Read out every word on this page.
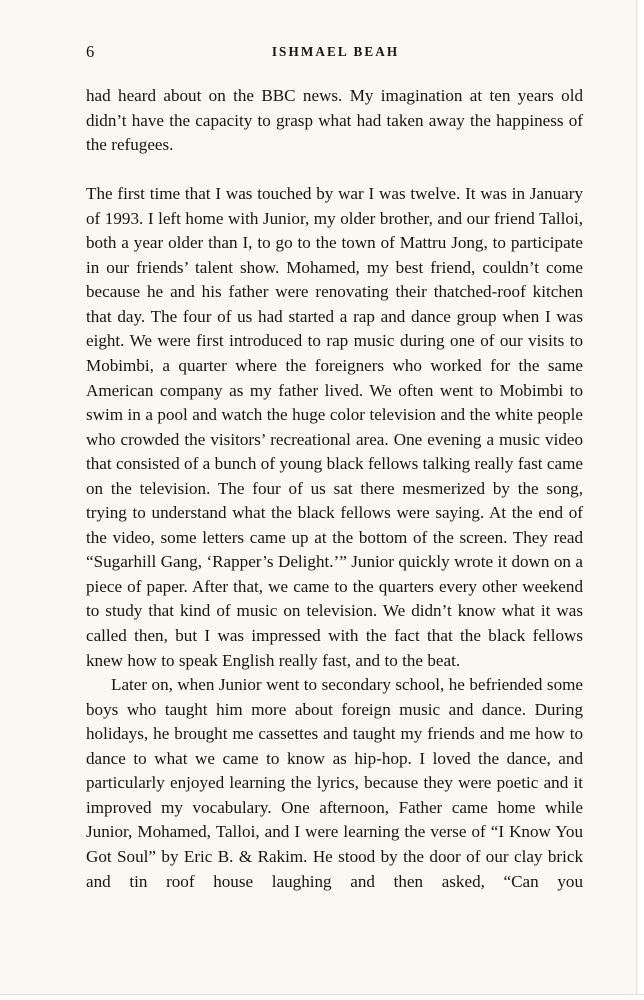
6	ISHMAEL BEAH

had heard about on the BBC news. My imagination at ten years old didn’t have the capacity to grasp what had taken away the happiness of the refugees.

The first time that I was touched by war I was twelve. It was in January of 1993. I left home with Junior, my older brother, and our friend Talloi, both a year older than I, to go to the town of Mattru Jong, to participate in our friends’ talent show. Mohamed, my best friend, couldn’t come because he and his father were renovating their thatched-roof kitchen that day. The four of us had started a rap and dance group when I was eight. We were first introduced to rap music during one of our visits to Mobimbi, a quarter where the foreigners who worked for the same American company as my father lived. We often went to Mobimbi to swim in a pool and watch the huge color television and the white people who crowded the visitors’ recreational area. One evening a music video that consisted of a bunch of young black fellows talking really fast came on the television. The four of us sat there mesmerized by the song, trying to understand what the black fellows were saying. At the end of the video, some letters came up at the bottom of the screen. They read “Sugarhill Gang, ‘Rapper’s Delight.’” Junior quickly wrote it down on a piece of paper. After that, we came to the quarters every other weekend to study that kind of music on television. We didn’t know what it was called then, but I was impressed with the fact that the black fellows knew how to speak English really fast, and to the beat.

Later on, when Junior went to secondary school, he befriended some boys who taught him more about foreign music and dance. During holidays, he brought me cassettes and taught my friends and me how to dance to what we came to know as hip-hop. I loved the dance, and particularly enjoyed learning the lyrics, because they were poetic and it improved my vocabulary. One afternoon, Father came home while Junior, Mohamed, Talloi, and I were learning the verse of “I Know You Got Soul” by Eric B. & Rakim. He stood by the door of our clay brick and tin roof house laughing and then asked, “Can you
